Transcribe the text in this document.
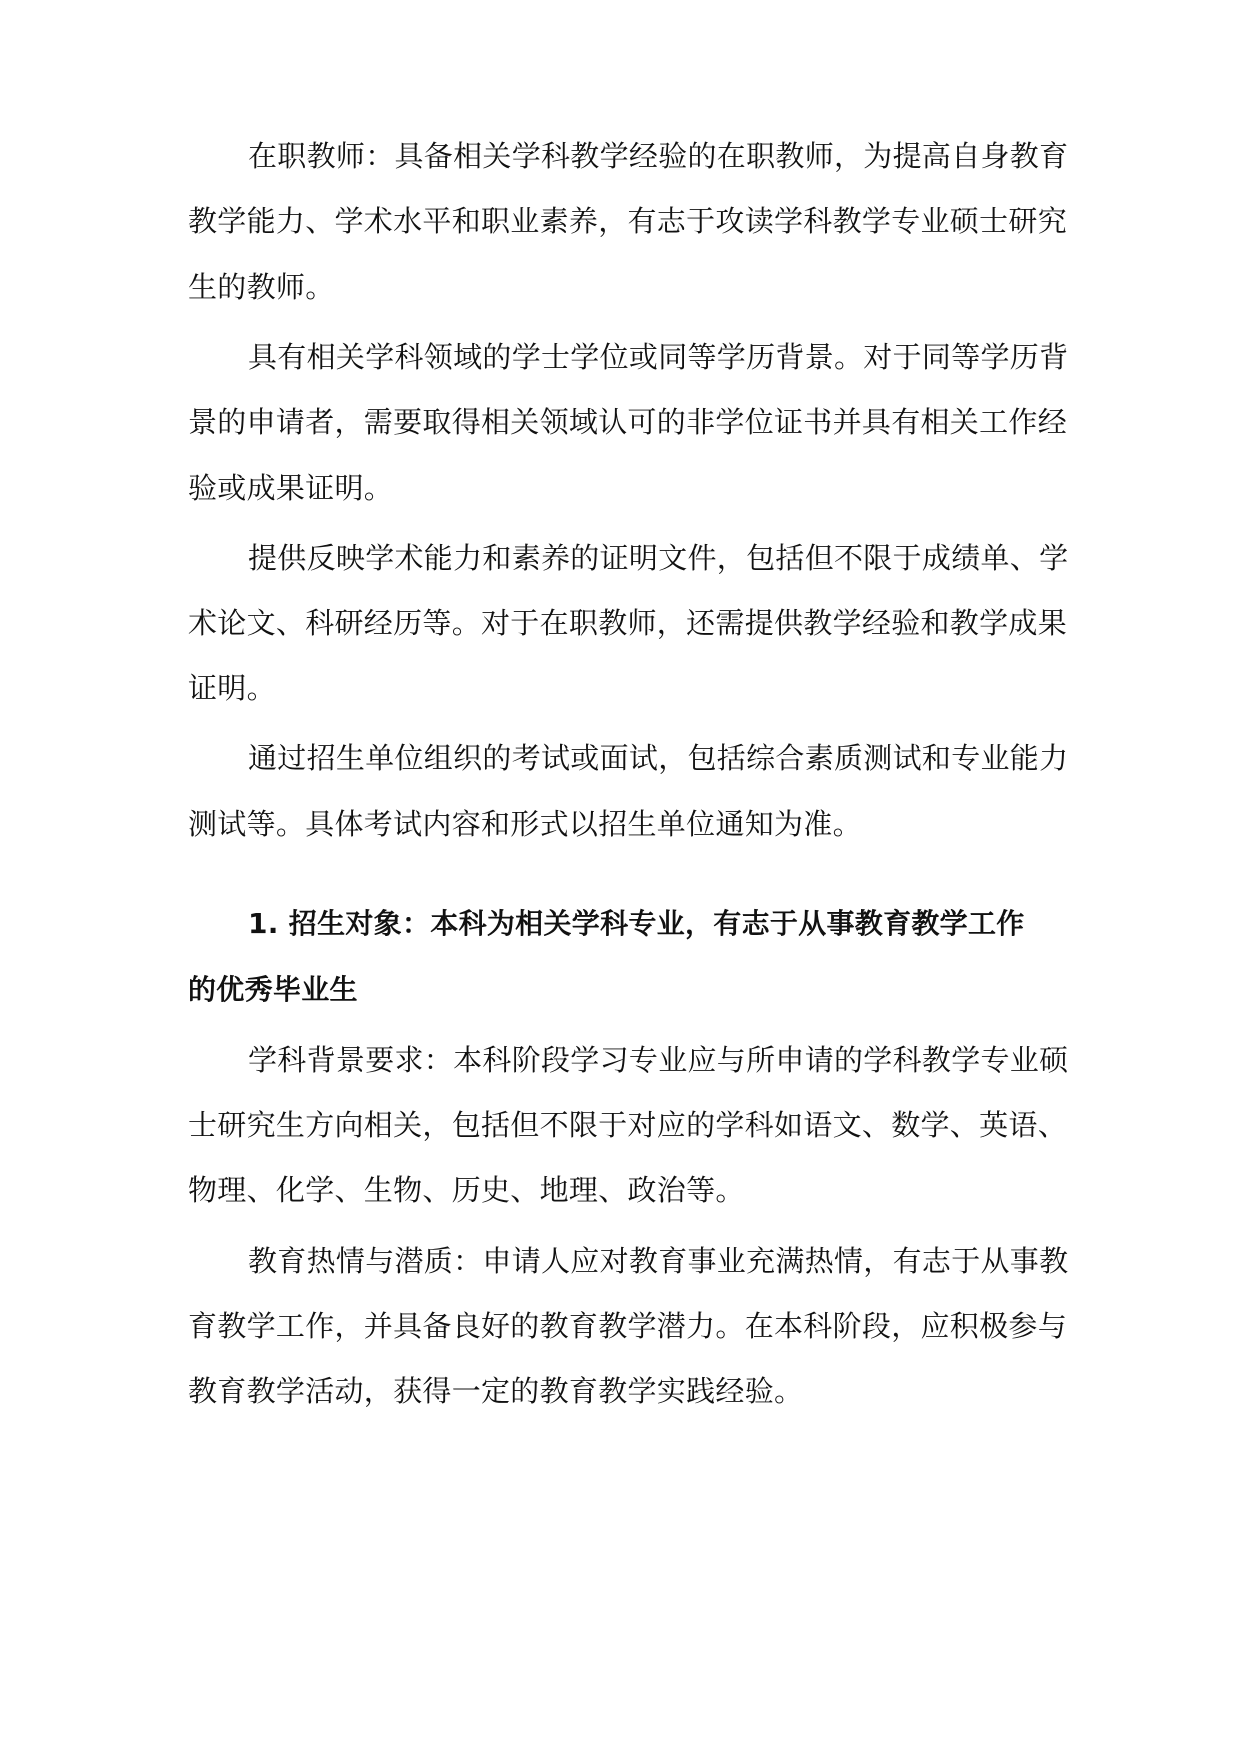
在职教师：具备相关学科教学经验的在职教师，为提高自身教育
教学能力、学术水平和职业素养，有志于攻读学科教学专业硕士研究
生的教师。
具有相关学科领域的学士学位或同等学历背景。对于同等学历背
景的申请者，需要取得相关领域认可的非学位证书并具有相关工作经
验或成果证明。
提供反映学术能力和素养的证明文件，包括但不限于成绩单、学
术论文、科研经历等。对于在职教师，还需提供教学经验和教学成果
证明。
通过招生单位组织的考试或面试，包括综合素质测试和专业能力
测试等。具体考试内容和形式以招生单位通知为准。
1. 招生对象：本科为相关学科专业，有志于从事教育教学工作
的优秀毕业生
学科背景要求：本科阶段学习专业应与所申请的学科教学专业硕
士研究生方向相关，包括但不限于对应的学科如语文、数学、英语、
物理、化学、生物、历史、地理、政治等。
教育热情与潜质：申请人应对教育事业充满热情，有志于从事教
育教学工作，并具备良好的教育教学潜力。在本科阶段，应积极参与
教育教学活动，获得一定的教育教学实践经验。
